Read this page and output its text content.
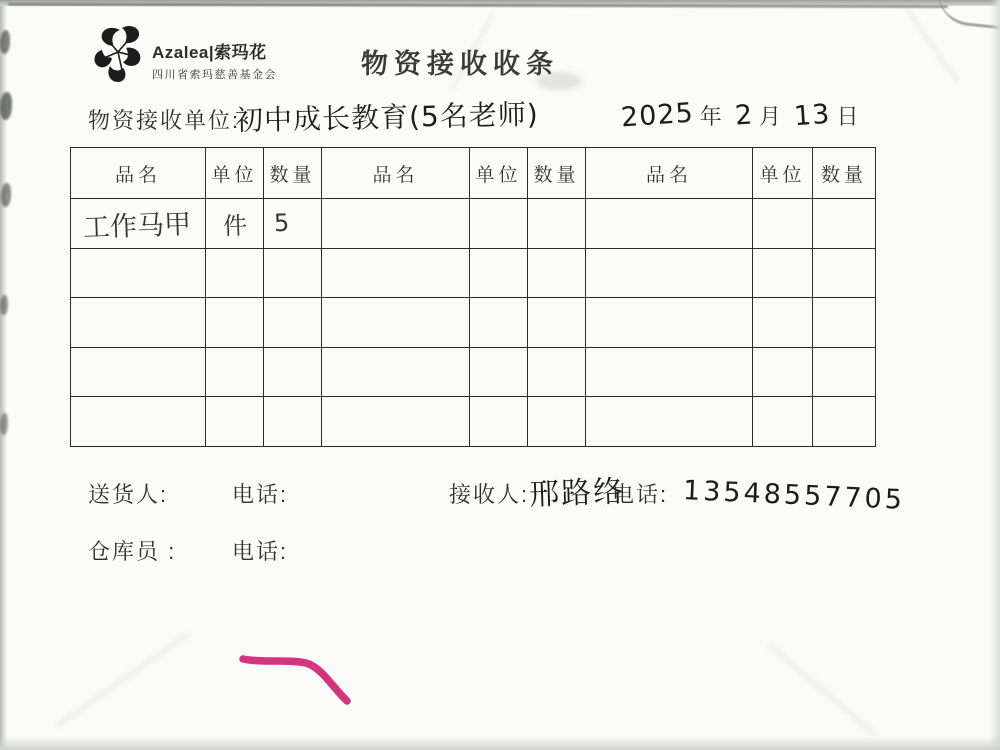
Azalea|索玛花
四川省索玛慈善基金会	物资接收收条
物资接收单位:
初中成长教育(5名老师)	2025 年 2 月 13 日
品名	单位	数量	品名	单位	数量	品名	单位	数量
工作马甲	件	5						

送货人:	电话:	接收人: 邢路络
电话: 13548557705
仓库员 :	电话:
